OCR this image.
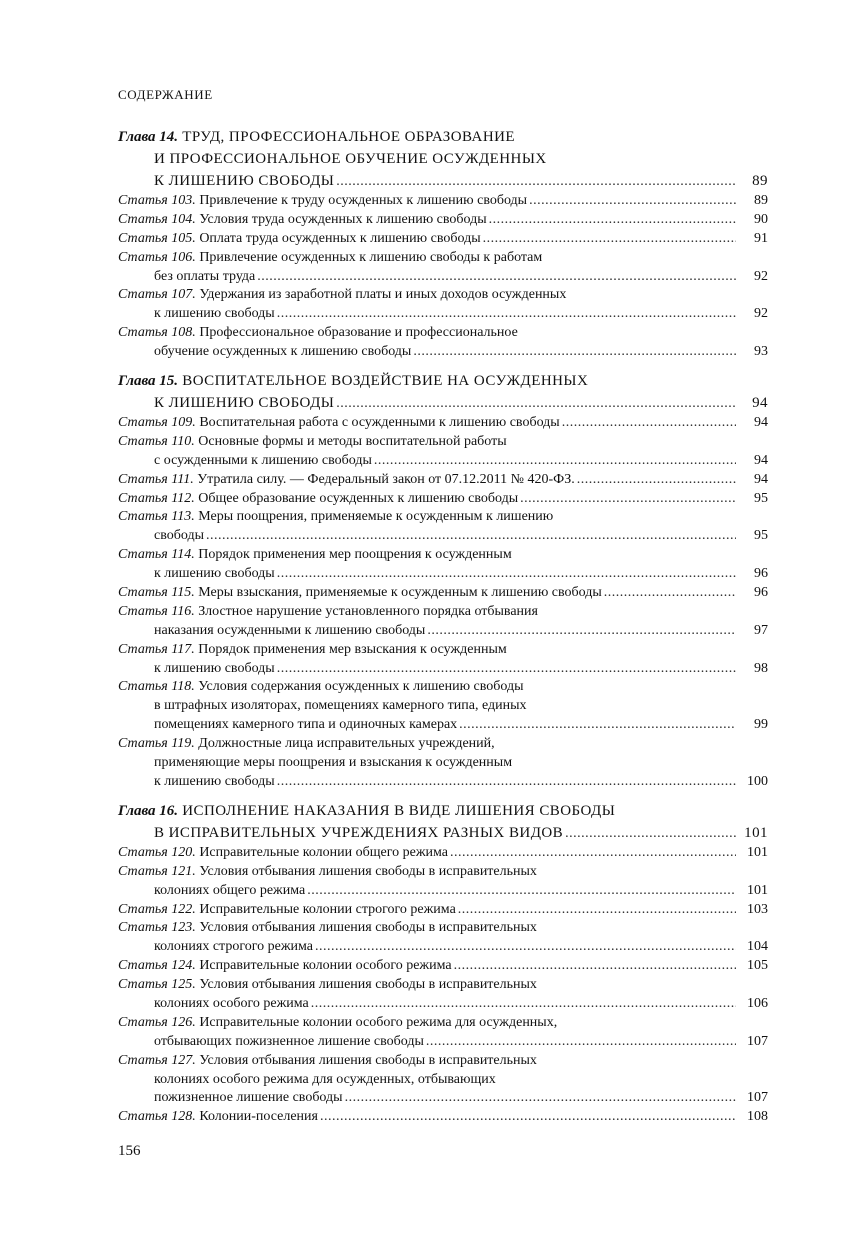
СОДЕРЖАНИЕ
Глава 14. ТРУД, ПРОФЕССИОНАЛЬНОЕ ОБРАЗОВАНИЕ
И ПРОФЕССИОНАЛЬНОЕ ОБУЧЕНИЕ ОСУЖДЕННЫХ
К ЛИШЕНИЮ СВОБОДЫ .....	89
Статья 103. Привлечение к труду осужденных к лишению свободы .....	89
Статья 104. Условия труда осужденных к лишению свободы .....	90
Статья 105. Оплата труда осужденных к лишению свободы .....	91
Статья 106. Привлечение осужденных к лишению свободы к работам
без оплаты труда .....	92
Статья 107. Удержания из заработной платы и иных доходов осужденных
к лишению свободы .....	92
Статья 108. Профессиональное образование и профессиональное
обучение осужденных к лишению свободы .....	93
Глава 15. ВОСПИТАТЕЛЬНОЕ ВОЗДЕЙСТВИЕ НА ОСУЖДЕННЫХ
К ЛИШЕНИЮ СВОБОДЫ .....	94
Статья 109. Воспитательная работа с осужденными к лишению свободы .....	94
Статья 110. Основные формы и методы воспитательной работы
с осужденными к лишению свободы .....	94
Статья 111. Утратила силу. — Федеральный закон от 07.12.2011 № 420-ФЗ. .....	94
Статья 112. Общее образование осужденных к лишению свободы .....	95
Статья 113. Меры поощрения, применяемые к осужденным к лишению
свободы .....	95
Статья 114. Порядок применения мер поощрения к осужденным
к лишению свободы .....	96
Статья 115. Меры взыскания, применяемые к осужденным к лишению свободы .....	96
Статья 116. Злостное нарушение установленного порядка отбывания
наказания осужденными к лишению свободы .....	97
Статья 117. Порядок применения мер взыскания к осужденным
к лишению свободы .....	98
Статья 118. Условия содержания осужденных к лишению свободы
в штрафных изоляторах, помещениях камерного типа, единых
помещениях камерного типа и одиночных камерах .....	99
Статья 119. Должностные лица исправительных учреждений,
применяющие меры поощрения и взыскания к осужденным
к лишению свободы .....	100
Глава 16. ИСПОЛНЕНИЕ НАКАЗАНИЯ В ВИДЕ ЛИШЕНИЯ СВОБОДЫ
В ИСПРАВИТЕЛЬНЫХ УЧРЕЖДЕНИЯХ РАЗНЫХ ВИДОВ .....	101
Статья 120. Исправительные колонии общего режима .....	101
Статья 121. Условия отбывания лишения свободы в исправительных
колониях общего режима .....	101
Статья 122. Исправительные колонии строгого режима .....	103
Статья 123. Условия отбывания лишения свободы в исправительных
колониях строгого режима .....	104
Статья 124. Исправительные колонии особого режима .....	105
Статья 125. Условия отбывания лишения свободы в исправительных
колониях особого режима .....	106
Статья 126. Исправительные колонии особого режима для осужденных,
отбывающих пожизненное лишение свободы .....	107
Статья 127. Условия отбывания лишения свободы в исправительных
колониях особого режима для осужденных, отбывающих
пожизненное лишение свободы .....	107
Статья 128. Колонии-поселения .....	108
156
